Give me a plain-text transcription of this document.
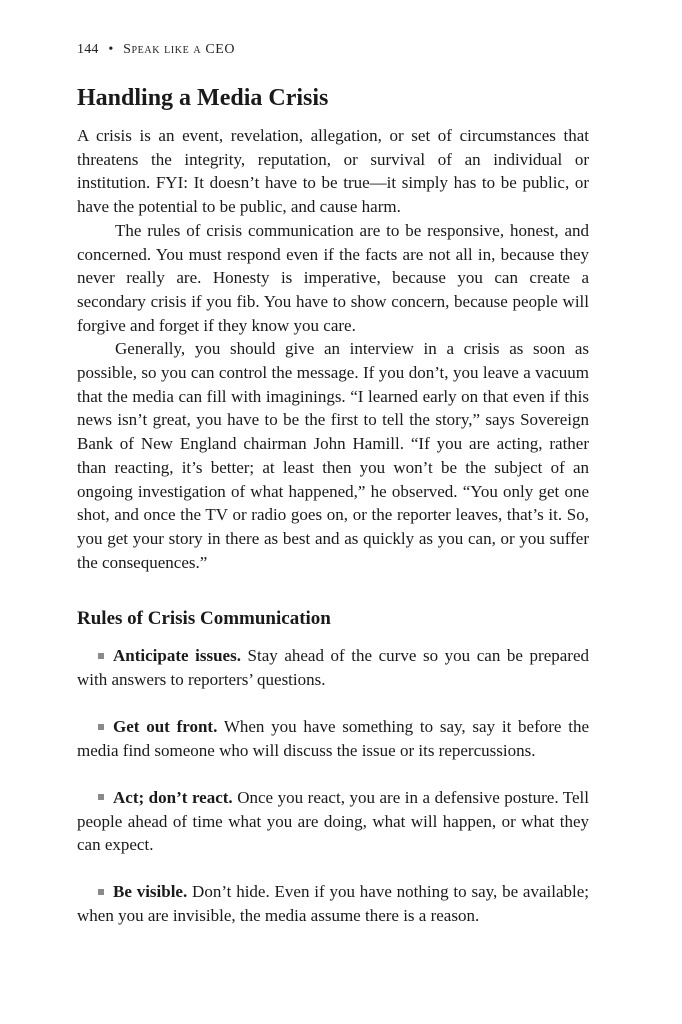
144 • Speak like a CEO
Handling a Media Crisis

A crisis is an event, revelation, allegation, or set of circumstances that threatens the integrity, reputation, or survival of an individual or institution. FYI: It doesn’t have to be true—it simply has to be public, or have the potential to be public, and cause harm.

The rules of crisis communication are to be responsive, honest, and concerned. You must respond even if the facts are not all in, because they never really are. Honesty is imperative, because you can create a secondary crisis if you fib. You have to show concern, because people will forgive and forget if they know you care.

Generally, you should give an interview in a crisis as soon as possible, so you can control the message. If you don’t, you leave a vacuum that the media can fill with imaginings. “I learned early on that even if this news isn’t great, you have to be the first to tell the story,” says Sovereign Bank of New England chairman John Hamill. “If you are acting, rather than reacting, it’s better; at least then you won’t be the subject of an ongoing investigation of what happened,” he observed. “You only get one shot, and once the TV or radio goes on, or the reporter leaves, that’s it. So, you get your story in there as best and as quickly as you can, or you suffer the consequences.”

Rules of Crisis Communication

Anticipate issues. Stay ahead of the curve so you can be prepared with answers to reporters’ questions.

Get out front. When you have something to say, say it before the media find someone who will discuss the issue or its repercussions.

Act; don’t react. Once you react, you are in a defensive posture. Tell people ahead of time what you are doing, what will happen, or what they can expect.

Be visible. Don’t hide. Even if you have nothing to say, be available; when you are invisible, the media assume there is a reason.
